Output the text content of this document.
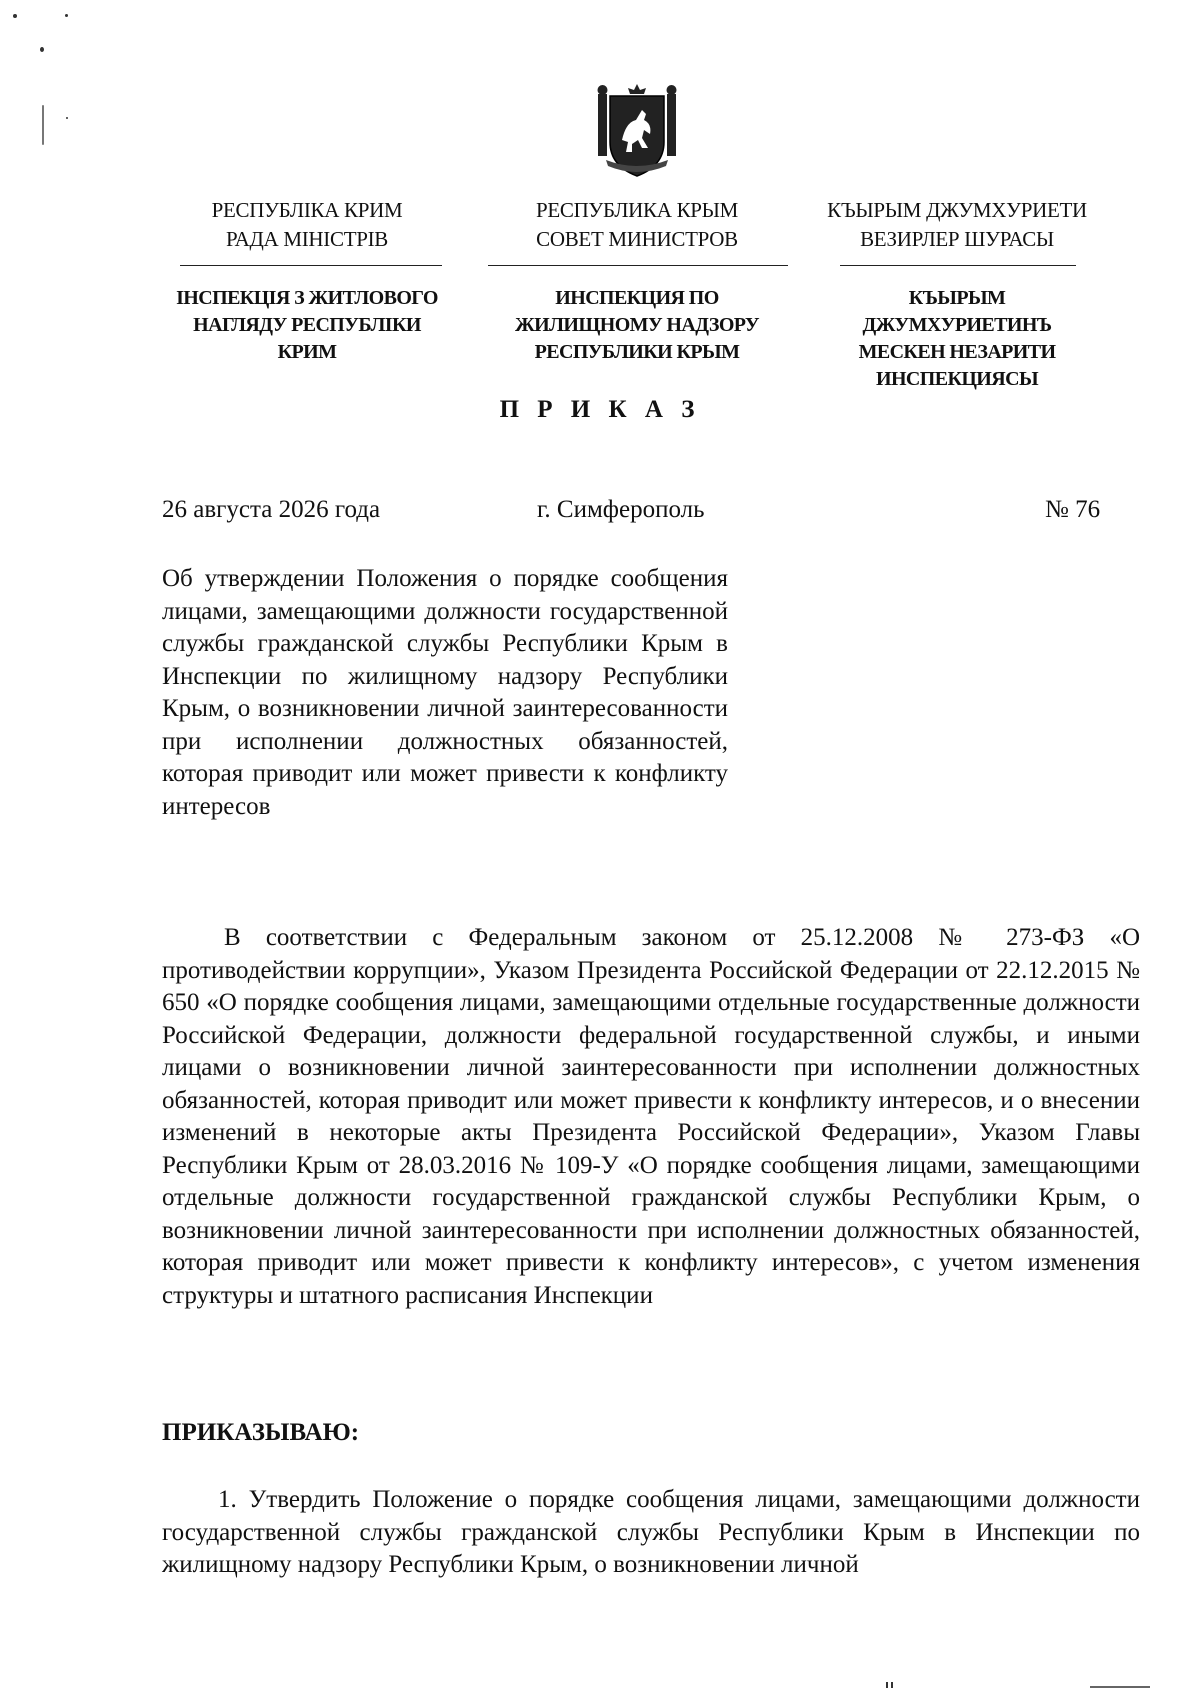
РЕСПУБЛІКА КРИМ
РАДА МІНІСТРІВ
ІНСПЕКЦІЯ З ЖИТЛОВОГО
НАГЛЯДУ РЕСПУБЛІКИ
КРИМ
РЕСПУБЛИКА КРЫМ
СОВЕТ МИНИСТРОВ
ИНСПЕКЦИЯ ПО
ЖИЛИЩНОМУ НАДЗОРУ
РЕСПУБЛИКИ КРЫМ
КЪЫРЫМ ДЖУМХУРИЕТИ
ВЕЗИРЛЕР ШУРАСЫ
КЪЫРЫМ
ДЖУМХУРИЕТИНЪ
МЕСКЕН НЕЗАРИТИ
ИНСПЕКЦИЯСЫ
П Р И К А З
26 августа 2026 года	г. Симферополь	№ 76
Об утверждении Положения о порядке сообщения лицами, замещающими должности государственной службы гражданской службы Республики Крым в Инспекции по жилищному надзору Республики Крым, о возникновении личной заинтересованности при исполнении должностных обязанностей, которая приводит или может привести к конфликту интересов

В соответствии с Федеральным законом от 25.12.2008 № 273-ФЗ «О противодействии коррупции», Указом Президента Российской Федерации от 22.12.2015 № 650 «О порядке сообщения лицами, замещающими отдельные государственные должности Российской Федерации, должности федеральной государственной службы, и иными лицами о возникновении личной заинтересованности при исполнении должностных обязанностей, которая приводит или может привести к конфликту интересов, и о внесении изменений в некоторые акты Президента Российской Федерации», Указом Главы Республики Крым от 28.03.2016 № 109-У «О порядке сообщения лицами, замещающими отдельные должности государственной гражданской службы Республики Крым, о возникновении личной заинтересованности при исполнении должностных обязанностей, которая приводит или может привести к конфликту интересов», с учетом изменения структуры и штатного расписания Инспекции

ПРИКАЗЫВАЮ:

1. Утвердить Положение о порядке сообщения лицами, замещающими должности государственной службы гражданской службы Республики Крым в Инспекции по жилищному надзору Республики Крым, о возникновении личной
